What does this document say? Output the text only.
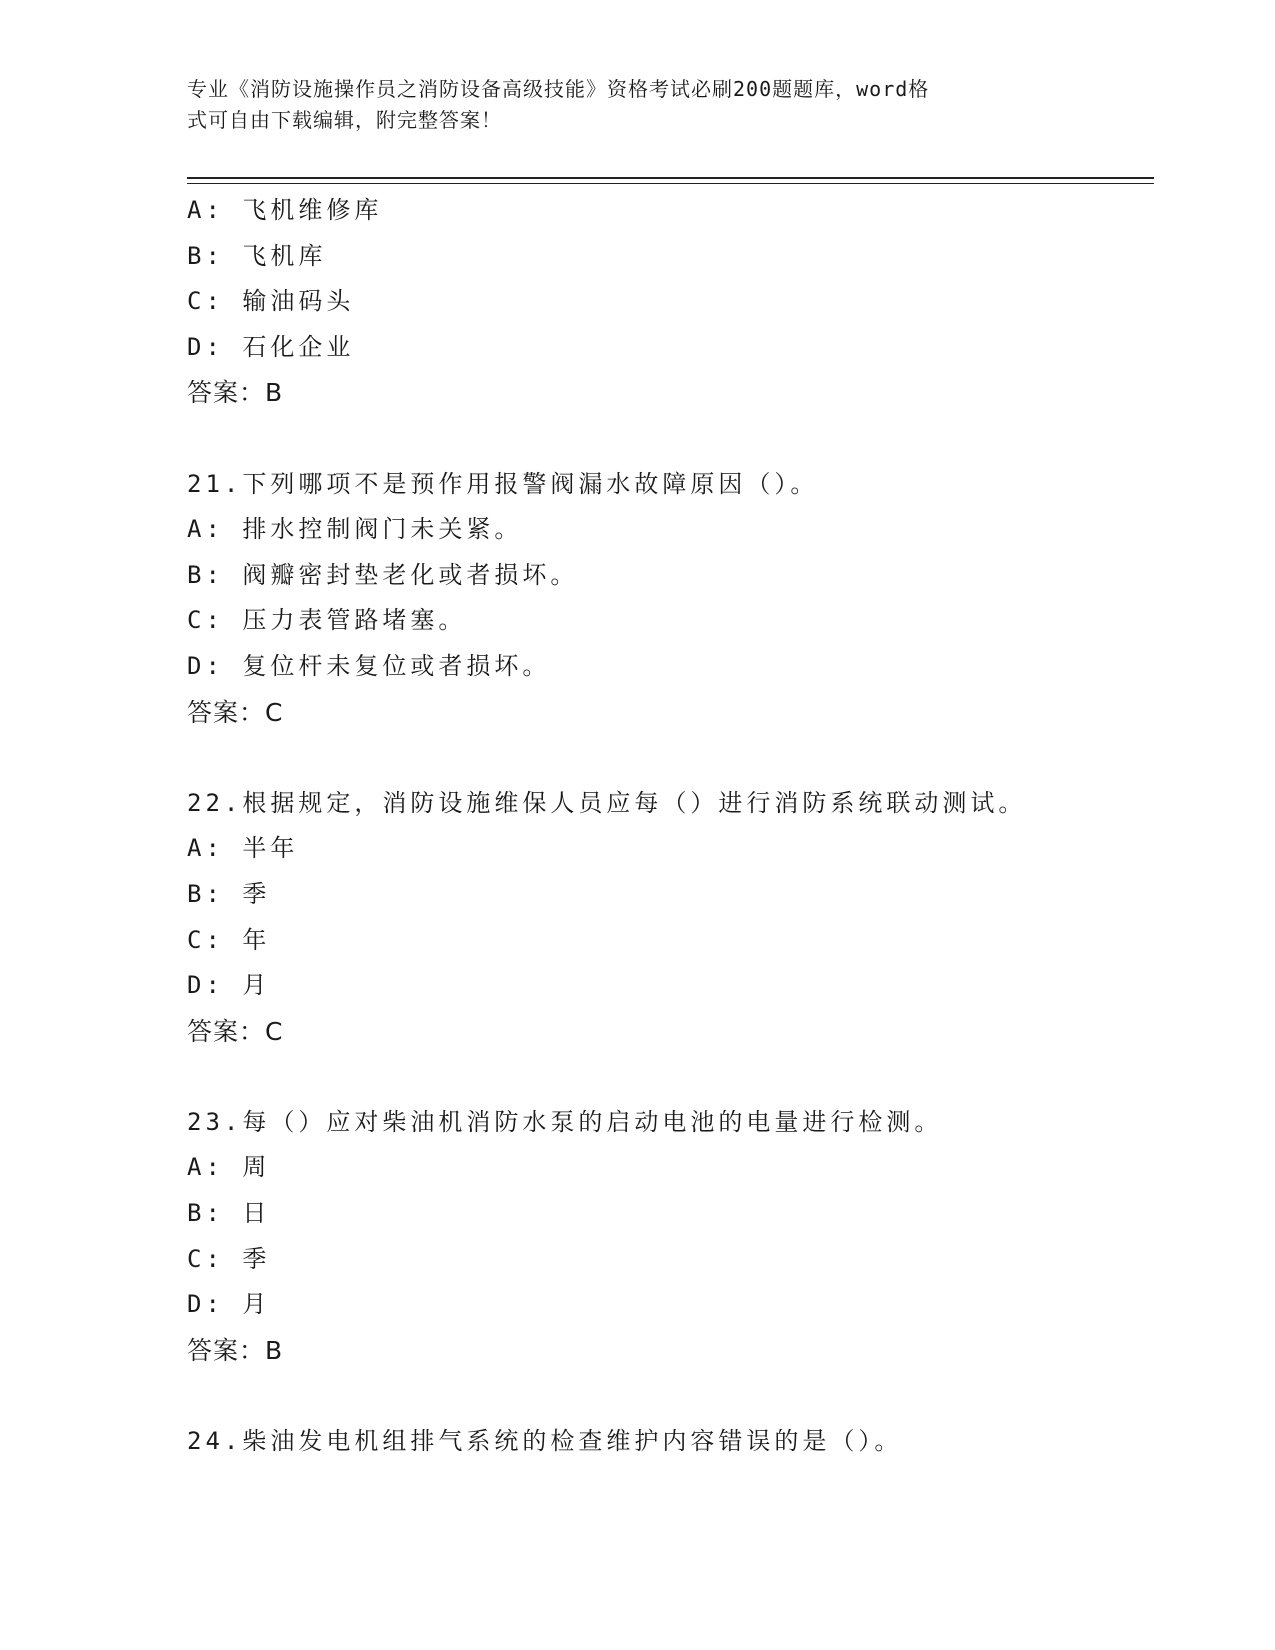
专业《消防设施操作员之消防设备高级技能》资格考试必刷200题题库，word格
式可自由下载编辑，附完整答案！
A: 飞机维修库
B: 飞机库
C: 输油码头
D: 石化企业
答案：B
21.下列哪项不是预作用报警阀漏水故障原因（）。
A: 排水控制阀门未关紧。
B: 阀瓣密封垫老化或者损坏。
C: 压力表管路堵塞。
D: 复位杆未复位或者损坏。
答案：C
22.根据规定，消防设施维保人员应每（）进行消防系统联动测试。
A: 半年
B: 季
C: 年
D: 月
答案：C
23.每（）应对柴油机消防水泵的启动电池的电量进行检测。
A: 周
B: 日
C: 季
D: 月
答案：B
24.柴油发电机组排气系统的检查维护内容错误的是（）。
